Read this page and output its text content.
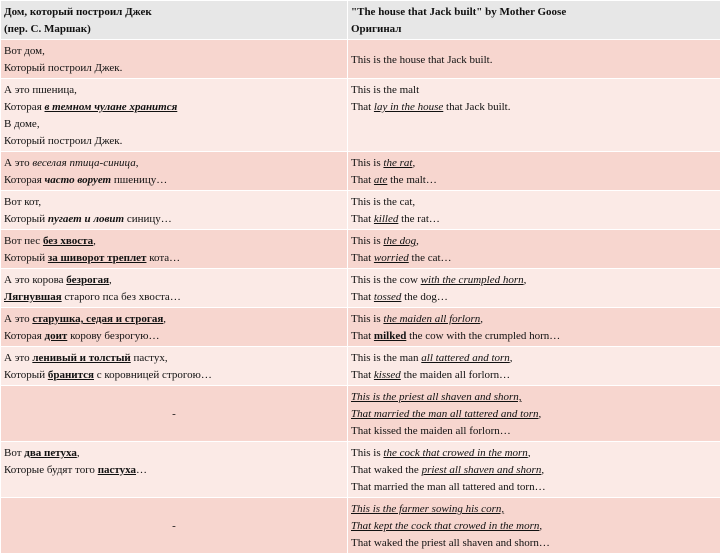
Дом, который построил Джек
(пер. С. Маршак)	"The house that Jack built" by Mother Goose
Оригинал

Вот дом,
Который построил Джек.	This is the house that Jack built.

А это пшеница,
Которая в темном чулане хранится
В доме,
Который построил Джек.	This is the malt
That lay in the house that Jack built.

А это веселая птица-синица,
Которая часто ворует пшеницу…	This is the rat,
That ate the malt…

Вот кот,
Который пугает и ловит синицу…	This is the cat,
That killed the rat…

Вот пес без хвоста,
Который за шиворот треплет кота…	This is the dog,
That worried the cat…

А это корова безрогая,
Лягнувшая старого пса без хвоста…	This is the cow with the crumpled horn,
That tossed the dog…

А это старушка, седая и строгая,
Которая доит корову безрогую…	This is the maiden all forlorn,
That milked the cow with the crumpled horn…

А это ленивый и толстый пастух,
Который бранится с коровницей строгою…	This is the man all tattered and torn,
That kissed the maiden all forlorn…

-	This is the priest all shaven and shorn,
That married the man all tattered and torn,
That kissed the maiden all forlorn…

Вот два петуха,
Которые будят того пастуха…	This is the cock that crowed in the morn,
That waked the priest all shaven and shorn,
That married the man all tattered and torn…

-	This is the farmer sowing his corn,
That kept the cock that crowed in the morn,
That waked the priest all shaven and shorn…
